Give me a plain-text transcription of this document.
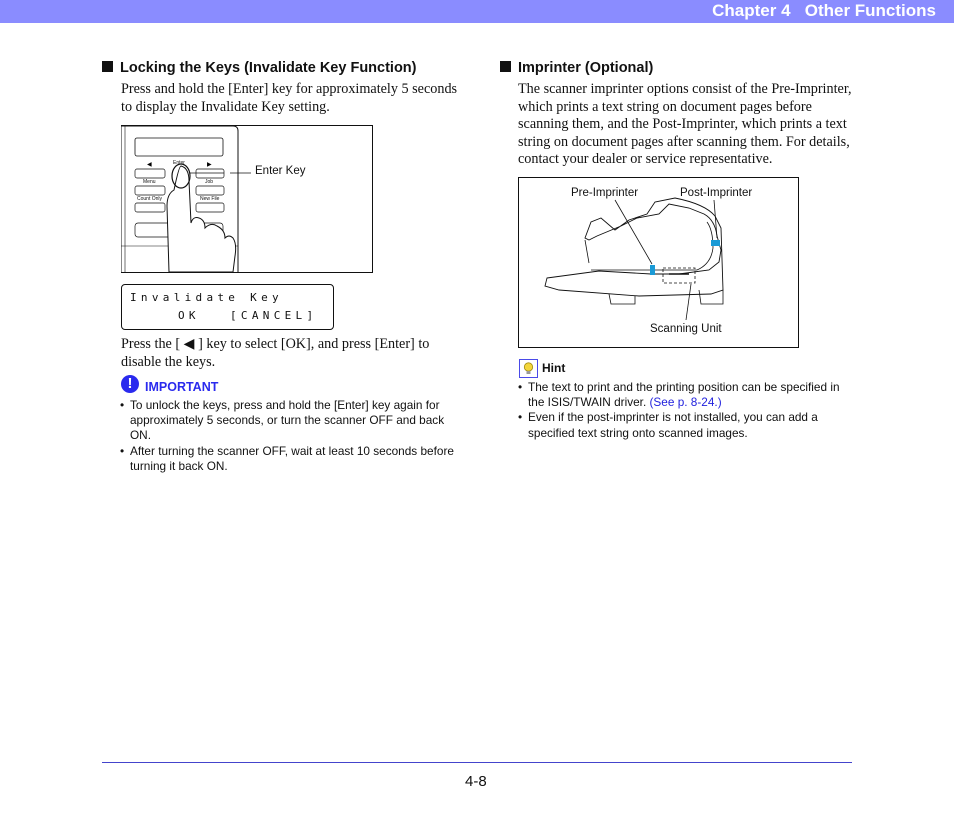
Chapter 4   Other Functions
Locking the Keys (Invalidate Key Function)

Press and hold the [Enter] key for approximately 5 seconds
to display the Invalidate Key setting.

◀	▶
Enter
Menu	Job
Count Only	New File
Enter Key
Invalidate Key
OK	[CANCEL]

Press the [ ◀ ] key to select [OK], and press [Enter] to
disable the keys.

!	IMPORTANT
• To unlock the keys, press and hold the [Enter] key again for
approximately 5 seconds, or turn the scanner OFF and back
ON.
• After turning the scanner OFF, wait at least 10 seconds before
turning it back ON.
Imprinter (Optional)

The scanner imprinter options consist of the Pre-Imprinter,
which prints a text string on document pages before
scanning them, and the Post-Imprinter, which prints a text
string on document pages after scanning them. For details,
contact your dealer or service representative.

Pre-Imprinter	Post-Imprinter
Scanning Unit
Hint
• The text to print and the printing position can be specified in
the ISIS/TWAIN driver. (See p. 8-24.)
• Even if the post-imprinter is not installed, you can add a
specified text string onto scanned images.
4-8
